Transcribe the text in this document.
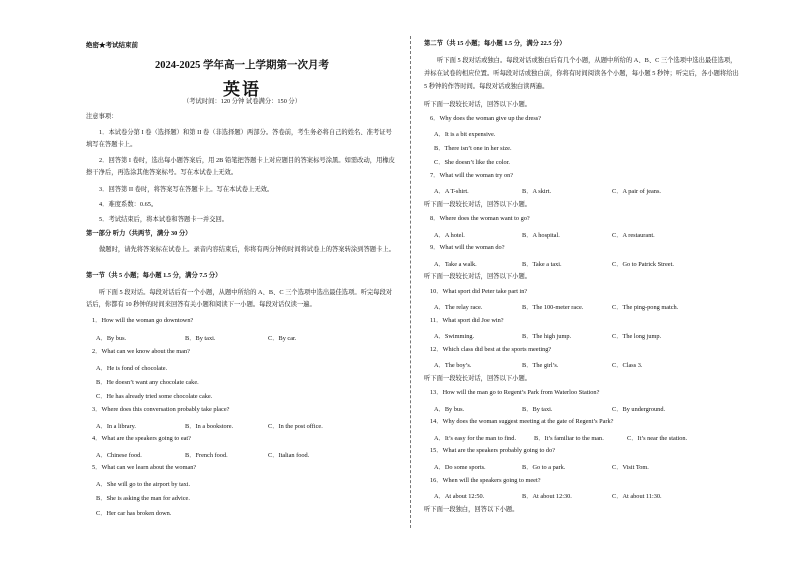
绝密★考试结束前
2024-2025 学年高一上学期第一次月考
英语
（考试时间：120 分钟 试卷满分：150 分）
注意事项：
1．本试卷分第 I 卷（选择题）和第 II 卷（非选择题）两部分。答卷前，考生务必将自己的姓名、准考证号填写在答题卡上。
2．回答第 I 卷时，选出每小题答案后，用 2B 铅笔把答题卡上对应题目的答案标号涂黑。如需改动，用橡皮擦干净后，再选涂其他答案标号。写在本试卷上无效。
3．回答第 II 卷时，将答案写在答题卡上。写在本试卷上无效。
4．难度系数：0.65。
5．考试结束后，将本试卷和答题卡一并交回。
第一部分 听力（共两节，满分 30 分）
做题时，请先将答案标在试卷上。录音内容结束后，你将有两分钟的时间将试卷上的答案转涂到答题卡上。
第一节（共 5 小题；每小题 1.5 分，满分 7.5 分）
听下面 5 段对话。每段对话后有一个小题，从题中所给的 A、B、C 三个选项中选出最佳选项。听完每段对话后，你都有 10 秒钟的时间来回答有关小题和阅读下一小题。每段对话仅读一遍。
1．How will the woman go downtown?
A．By bus.	B．By taxi.	C．By car.
2．What can we know about the man?
A．He is fond of chocolate.
B．He doesn’t want any chocolate cake.
C．He has already tried some chocolate cake.
3．Where does this conversation probably take place?
A．In a library.	B．In a bookstore.	C．In the post office.
4．What are the speakers going to eat?
A．Chinese food.	B．French food.	C．Italian food.
5．What can we learn about the woman?
A．She will go to the airport by taxi.
B．She is asking the man for advice.
C．Her car has broken down.
第二节（共 15 小题；每小题 1.5 分，满分 22.5 分）
听下面 5 段对话或独白。每段对话或独白后有几个小题，从题中所给的 A、B、C 三个选项中选出最佳选项，并标在试卷的相应位置。听每段对话或独白前，你将有时间阅读各个小题，每小题 5 秒钟；听完后，各小题将给出 5 秒钟的作答时间。每段对话或独白读两遍。
听下面一段较长对话，回答以下小题。
6．Why does the woman give up the dress?
A．It is a bit expensive.
B．There isn’t one in her size.
C．She doesn’t like the color.
7．What will the woman try on?
A．A T-shirt.	B．A skirt.	C．A pair of jeans.
听下面一段较长对话，回答以下小题。
8．Where does the woman want to go?
A．A hotel.	B．A hospital.	C．A restaurant.
9．What will the woman do?
A．Take a walk.	B．Take a taxi.	C．Go to Patrick Street.
听下面一段较长对话，回答以下小题。
10．What sport did Peter take part in?
A．The relay race.	B．The 100-meter race.	C．The ping-pong match.
11．What sport did Joe win?
A．Swimming.	B．The high jump.	C．The long jump.
12．Which class did best at the sports meeting?
A．The boy’s.	B．The girl’s.	C．Class 3.
听下面一段较长对话，回答以下小题。
13．How will the man go to Regent’s Park from Waterloo Station?
A．By bus.	B．By taxi.	C．By underground.
14．Why does the woman suggest meeting at the gate of Regent’s Park?
A．It’s easy for the man to find.	B．It’s familiar to the man.	C．It’s near the station.
15．What are the speakers probably going to do?
A．Do some sports.	B．Go to a park.	C．Visit Tom.
16．When will the speakers going to meet?
A．At about 12:50.	B．At about 12:30.	C．At about 11:30.
听下面一段独白，回答以下小题。
